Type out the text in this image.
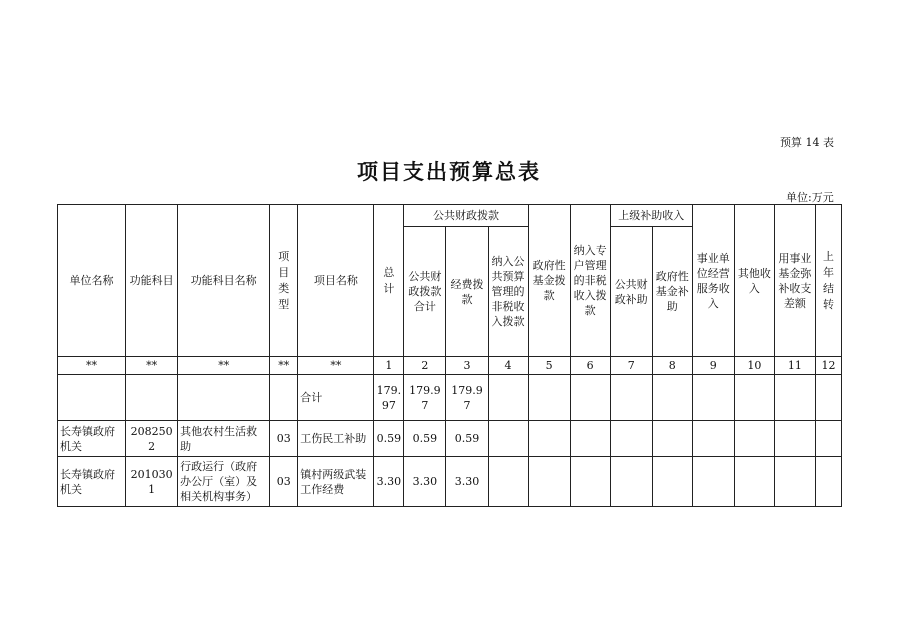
预算 14 表
项目支出预算总表
单位:万元
单位名称	功能科目	功能科目名称	项目类型	项目名称	总计	公共财政拨款			政府性基金拨款	纳入专户管理的非税收入拨款	上级补助收入		事业单位经营服务收入	其他收入	用事业基金弥补收支差额	上年结转
						公共财政拨款合计	经费拨款	纳入公共预算管理的非税收入拨款			公共财政补助	政府性基金补助				
**	**	**	**	**	1	2	3	4	5	6	7	8	9	10	11	12
				合计	179.97	179.97	179.97									
长寿镇政府机关	2082502	其他农村生活救助	03	工伤民工补助	0.59	0.59	0.59									
长寿镇政府机关	2010301	行政运行（政府办公厅（室）及相关机构事务）	03	镇村两级武装工作经费	3.30	3.30	3.30									
